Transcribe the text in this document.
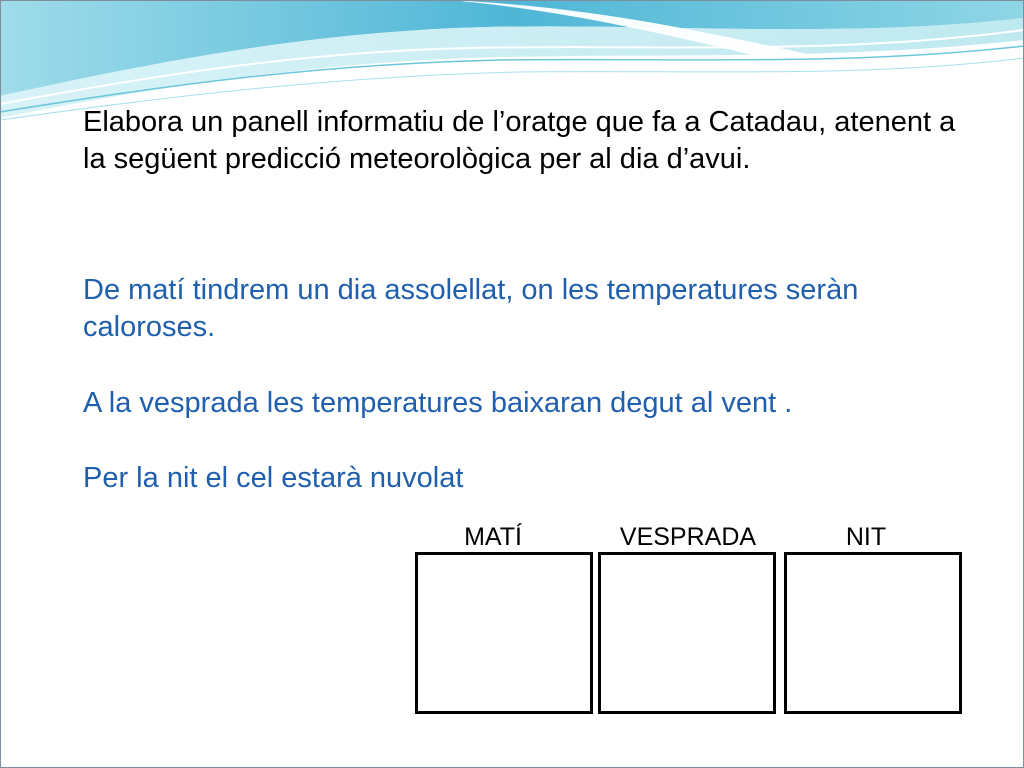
Elabora un panell informatiu de l’oratge que fa a Catadau, atenent a la següent predicció meteorològica per al dia d’avui.

De matí tindrem un dia assolellat, on les temperatures seràn caloroses.

A la vesprada les temperatures baixaran degut al vent .

Per la nit el cel estarà nuvolat

MATÍ	VESPRADA	NIT
